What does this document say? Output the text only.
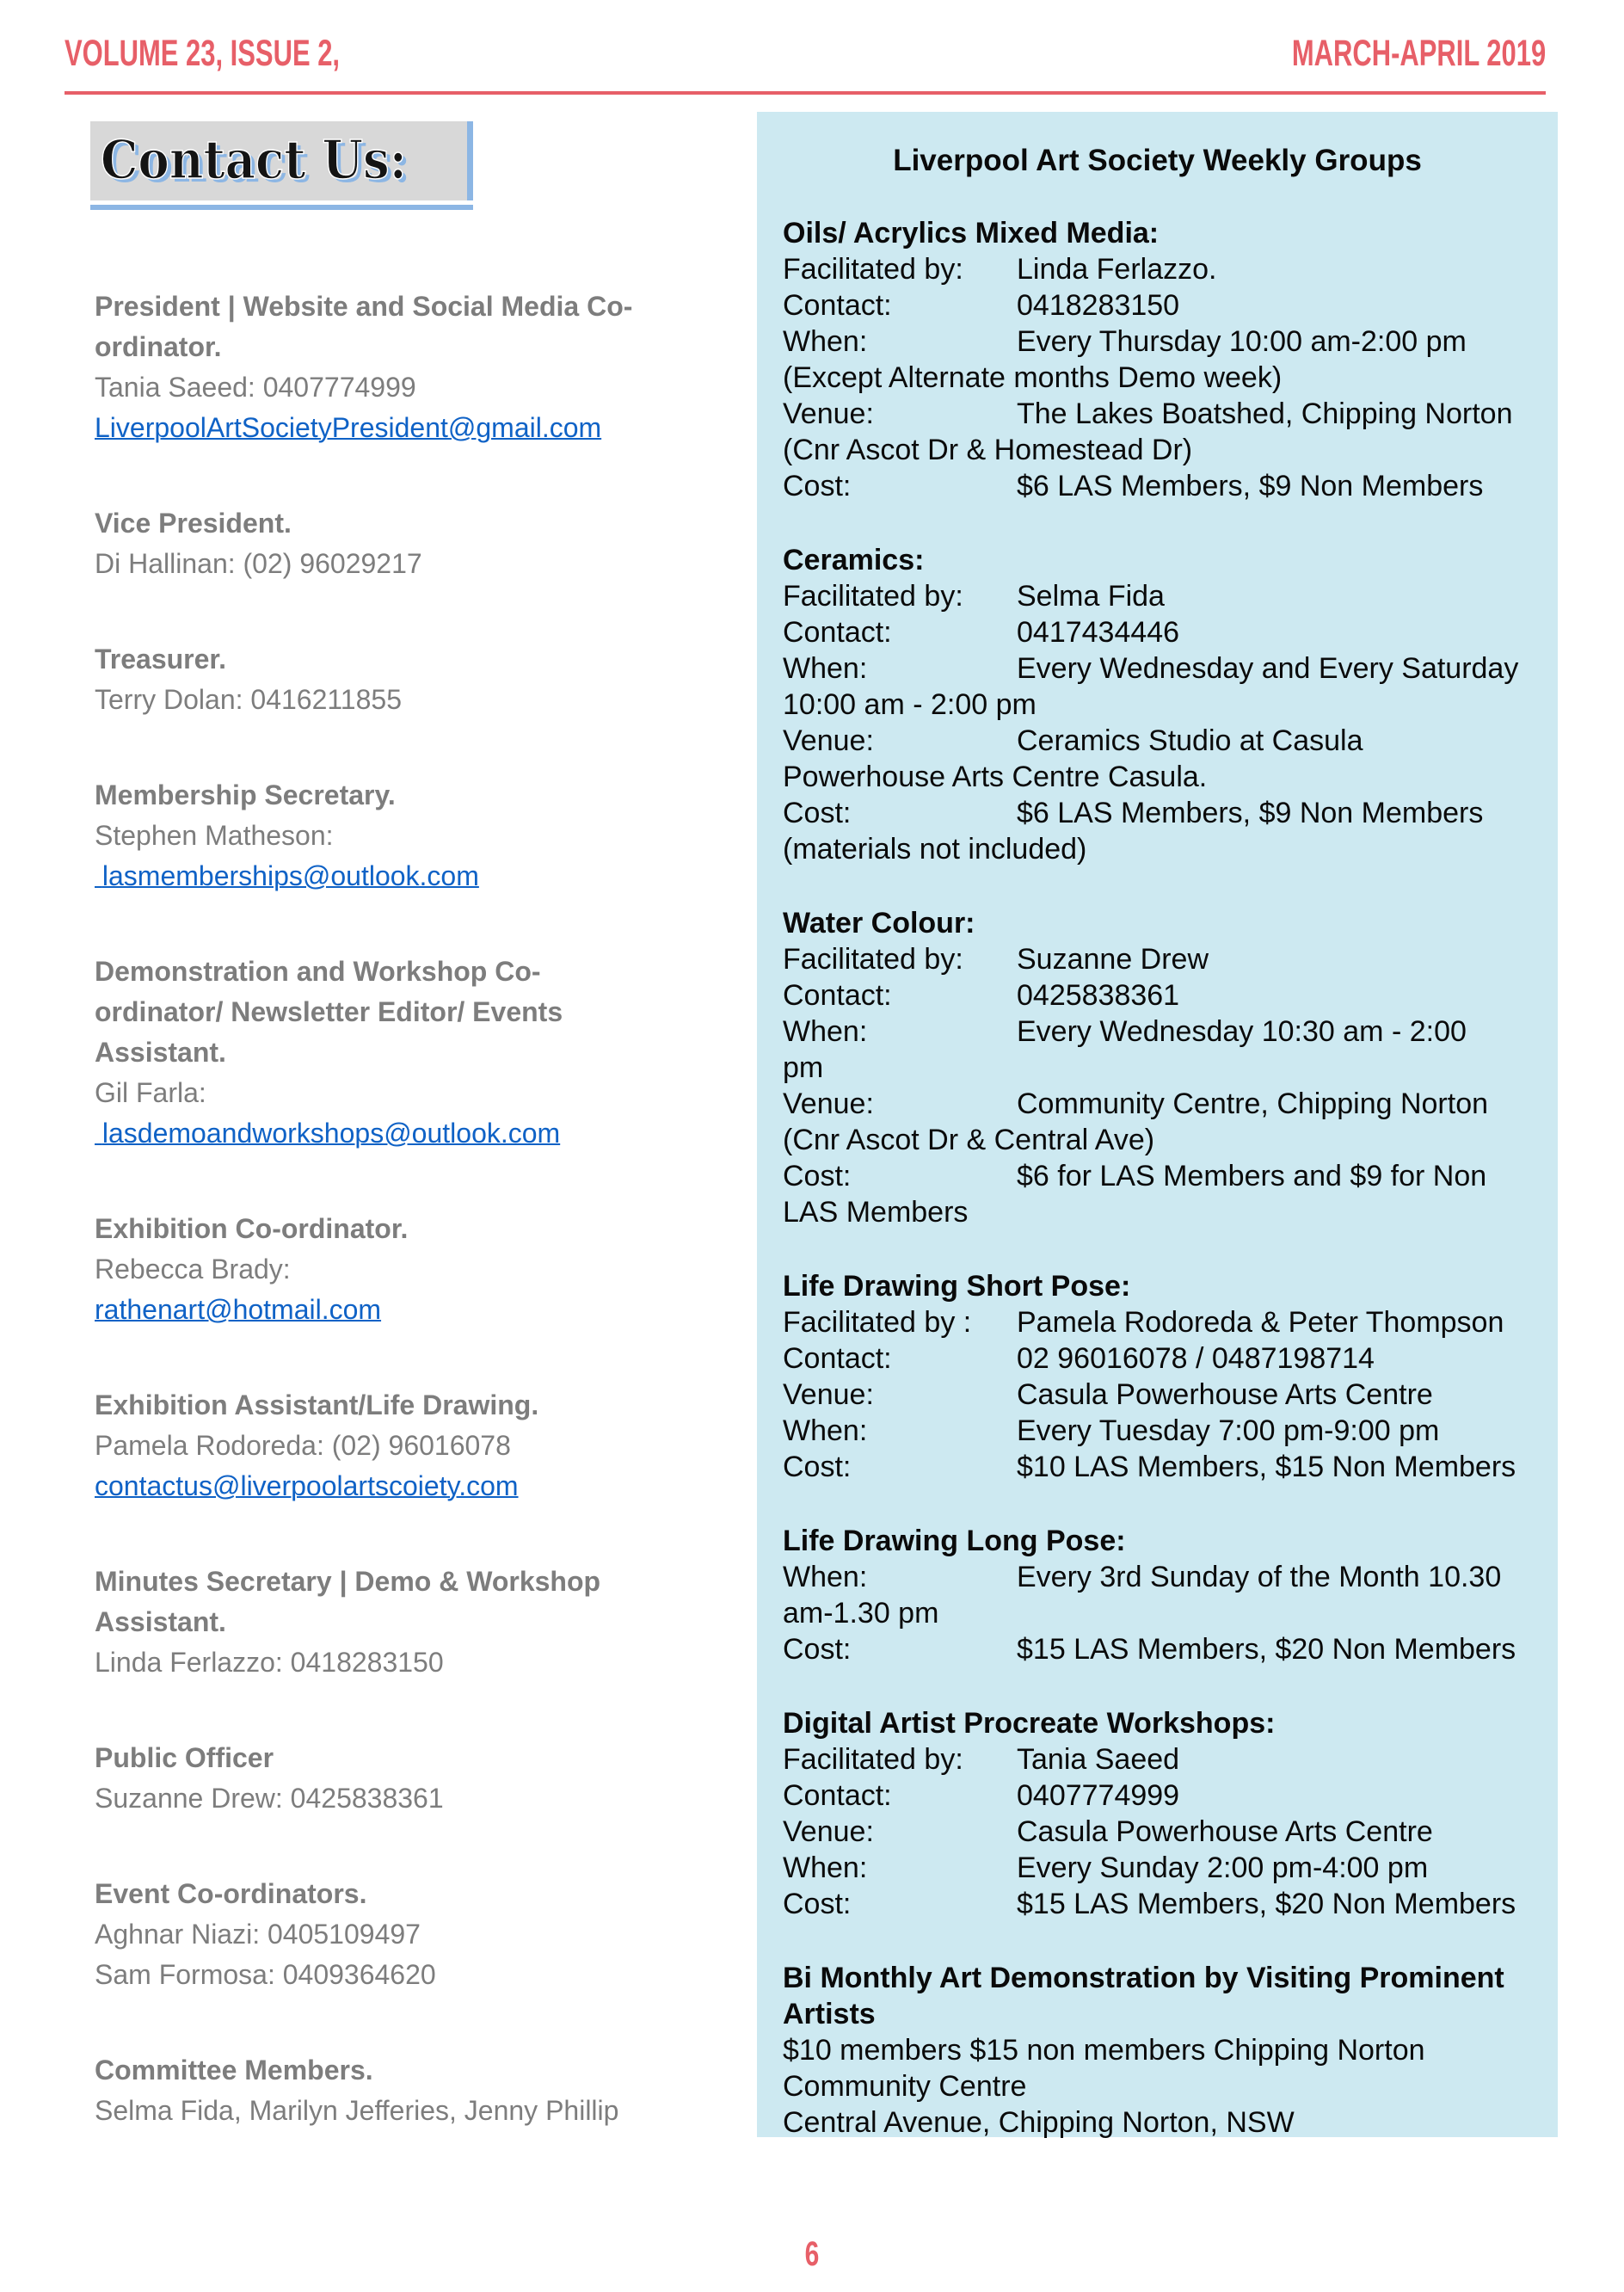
VOLUME 23, ISSUE 2,	MARCH-APRIL 2019
Contact Us:
President | Website and Social Media Co-ordinator.
Tania Saeed: 0407774999
LiverpoolArtSocietyPresident@gmail.com
Vice President.
Di Hallinan: (02) 96029217
Treasurer.
Terry Dolan: 0416211855
Membership Secretary.
Stephen Matheson:
lasmemberships@outlook.com
Demonstration and Workshop Co-ordinator/ Newsletter Editor/ Events Assistant.
Gil Farla:
lasdemoandworkshops@outlook.com
Exhibition Co-ordinator.
Rebecca Brady:
rathenart@hotmail.com
Exhibition Assistant/Life Drawing.
Pamela Rodoreda: (02) 96016078
contactus@liverpoolartscoiety.com
Minutes Secretary | Demo & Workshop Assistant.
Linda Ferlazzo: 0418283150
Public Officer
Suzanne Drew: 0425838361
Event Co-ordinators.
Aghnar Niazi: 0405109497
Sam Formosa: 0409364620
Committee Members.
Selma Fida, Marilyn Jefferies, Jenny Phillip
Liverpool Art Society Weekly Groups
Oils/ Acrylics Mixed Media:
Facilitated by:	Linda Ferlazzo.
Contact:	0418283150
When:	Every Thursday 10:00 am-2:00 pm
(Except Alternate months Demo week)
Venue:	The Lakes Boatshed, Chipping Norton
(Cnr Ascot Dr & Homestead Dr)
Cost:	$6 LAS Members, $9 Non Members
Ceramics:
Facilitated by:	Selma Fida
Contact:	0417434446
When:	Every Wednesday and Every Saturday
10:00 am - 2:00 pm
Venue:	Ceramics Studio at Casula
Powerhouse Arts Centre Casula.
Cost:	$6 LAS Members, $9 Non Members
(materials not included)
Water Colour:
Facilitated by:	Suzanne Drew
Contact:	0425838361
When:	Every Wednesday 10:30 am - 2:00
pm
Venue:	Community Centre, Chipping Norton
(Cnr Ascot Dr & Central Ave)
Cost:	$6 for LAS Members and $9 for Non
LAS Members
Life Drawing Short Pose:
Facilitated by :	Pamela Rodoreda & Peter Thompson
Contact:	02 96016078 / 0487198714
Venue:	Casula Powerhouse Arts Centre
When:	Every Tuesday 7:00 pm-9:00 pm
Cost:	$10 LAS Members, $15 Non Members
Life Drawing Long Pose:
When:	Every 3rd Sunday of the Month 10.30
am-1.30 pm
Cost:	$15 LAS Members, $20 Non Members
Digital Artist Procreate Workshops:
Facilitated by:	Tania Saeed
Contact:	0407774999
Venue:	Casula Powerhouse Arts Centre
When:	Every Sunday 2:00 pm-4:00 pm
Cost:	$15 LAS Members, $20 Non Members
Bi Monthly Art Demonstration by Visiting Prominent Artists
$10 members $15 non members Chipping Norton
Community Centre
Central Avenue, Chipping Norton, NSW
6
